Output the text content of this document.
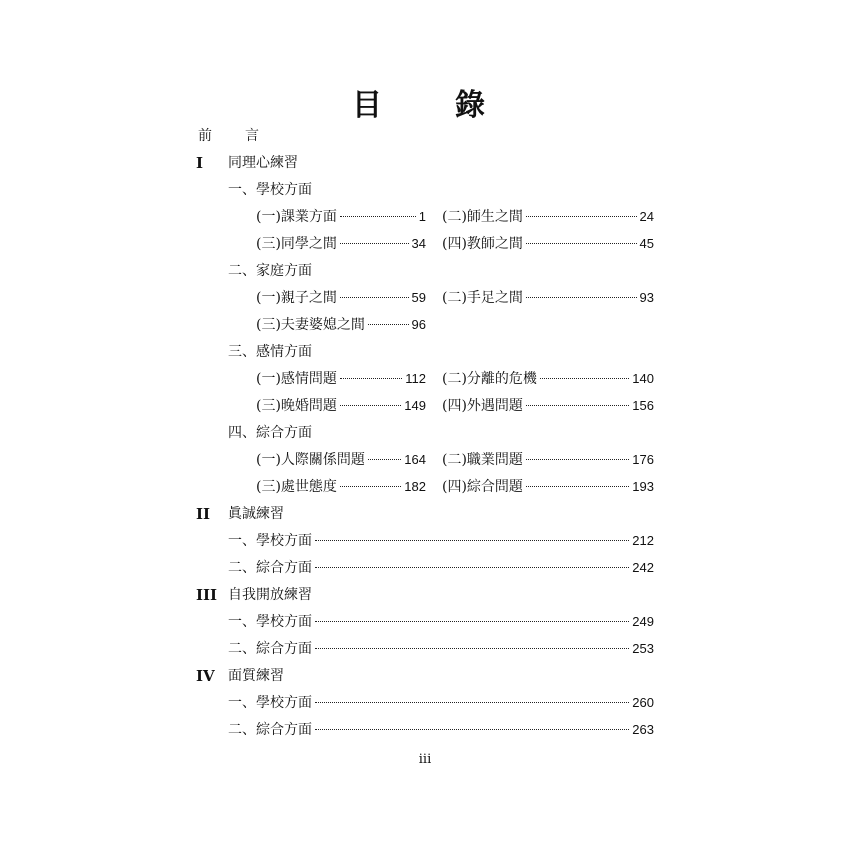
目 錄
前 言
I 同理心練習
一、學校方面
(一)課業方面	1 (二)師生之間	24
(三)同學之間	34 (四)教師之間	45
二、家庭方面
(一)親子之間	59 (二)手足之間	93
(三)夫妻婆媳之間	96
三、感情方面
(一)感情問題	112 (二)分離的危機	140
(三)晚婚問題	149 (四)外遇問題	156
四、綜合方面
(一)人際關係問題	164 (二)職業問題	176
(三)處世態度	182 (四)綜合問題	193
II 眞誠練習
一、學校方面	212
二、綜合方面	242
III 自我開放練習
一、學校方面	249
二、綜合方面	253
IV 面質練習
一、學校方面	260
二、綜合方面	263
iii
